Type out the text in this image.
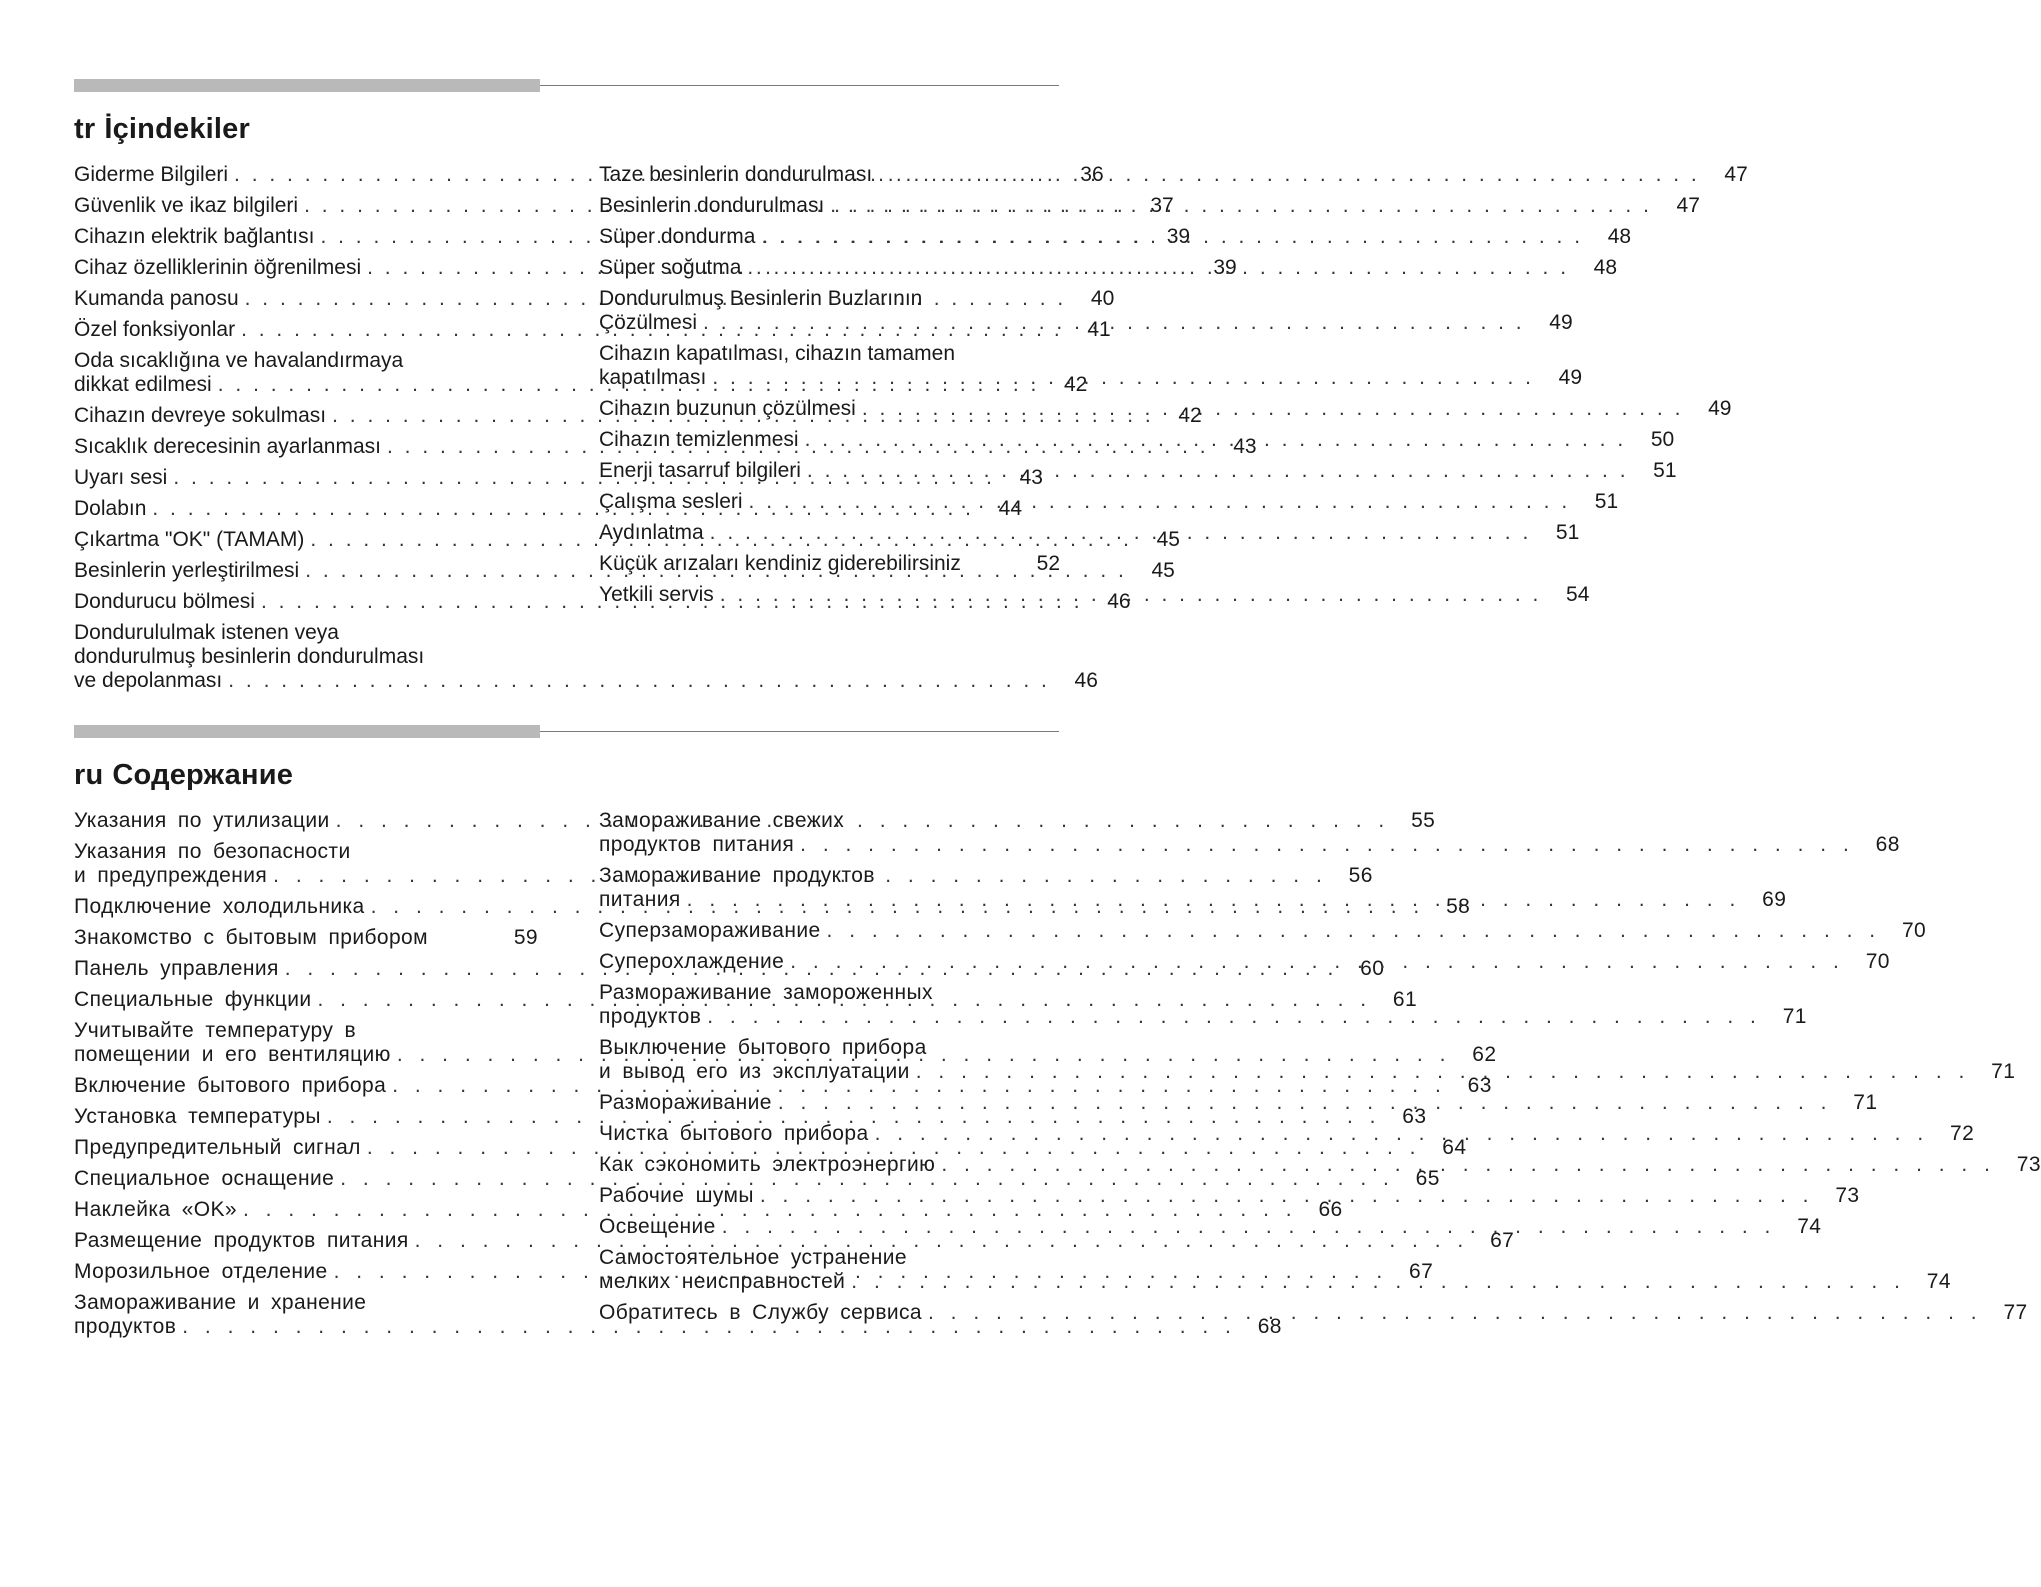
tr İçindekiler
Giderme Bilgileri . . .	36
Güvenlik ve ikaz bilgileri . . .	37
Cihazın elektrik bağlantısı . . .	39
Cihaz özelliklerinin öğrenilmesi . . .	39
Kumanda panosu . . .	40
Özel fonksiyonlar . . .	41
Oda sıcaklığına ve havalandırmaya
dikkat edilmesi . . .	42
Cihazın devreye sokulması . . .	42
Sıcaklık derecesinin ayarlanması . . .	43
Uyarı sesi . . .	43
Dolabın . . .	44
Çıkartma "OK" (TAMAM) . . .	45
Besinlerin yerleştirilmesi . . .	45
Dondurucu bölmesi . . .	46
Dondurululmak istenen veya
dondurulmuş besinlerin dondurulması
ve depolanması . . .	46
Taze besinlerin dondurulması . . .	47
Besinlerin dondurulması . . .	47
Süper dondurma . . .	48
Süper soğutma . . .	48
Dondurulmuş Besinlerin Buzlarının
Çözülmesi . . .	49
Cihazın kapatılması, cihazın tamamen
kapatılması . . .	49
Cihazın buzunun çözülmesi . . .	49
Cihazın temizlenmesi . . .	50
Enerji tasarruf bilgileri . . .	51
Çalışma sesleri . . .	51
Aydınlatma . . .	51
Küçük arızaları kendiniz giderebilirsiniz	52
Yetkili servis . . .	54
ru Содержание
Указания по утилизации . . .	55
Указания по безопасности
и предупреждения . . .	56
Подключение холодильника . . .	58
Знакомство с бытовым прибором	59
Панель управления . . .	60
Специальные функции . . .	61
Учитывайте температуру в
помещении и его вентиляцию . . .	62
Включение бытового прибора . . .	63
Установка температуры . . .	63
Предупредительный сигнал . . .	64
Специальное оснащение . . .	65
Наклейка «OK» . . .	66
Размещение продуктов питания . . .	67
Морозильное отделение . . .	67
Замораживание и хранение
продуктов . . .	68
Замораживание свежих
продуктов питания . . .	68
Замораживание продуктов
питания . . .	69
Суперзамораживание . . .	70
Суперохлаждение . . .	70
Размораживание замороженных
продуктов . . .	71
Выключение бытового прибора
и вывод его из эксплуатации . . .	71
Размораживание . . .	71
Чистка бытового прибора . . .	72
Как сэкономить электроэнергию . . .	73
Рабочие шумы . . .	73
Освещение . . .	74
Самостоятельное устранение
мелких неисправностей . . .	74
Обратитесь в Службу сервиса . . .	77
